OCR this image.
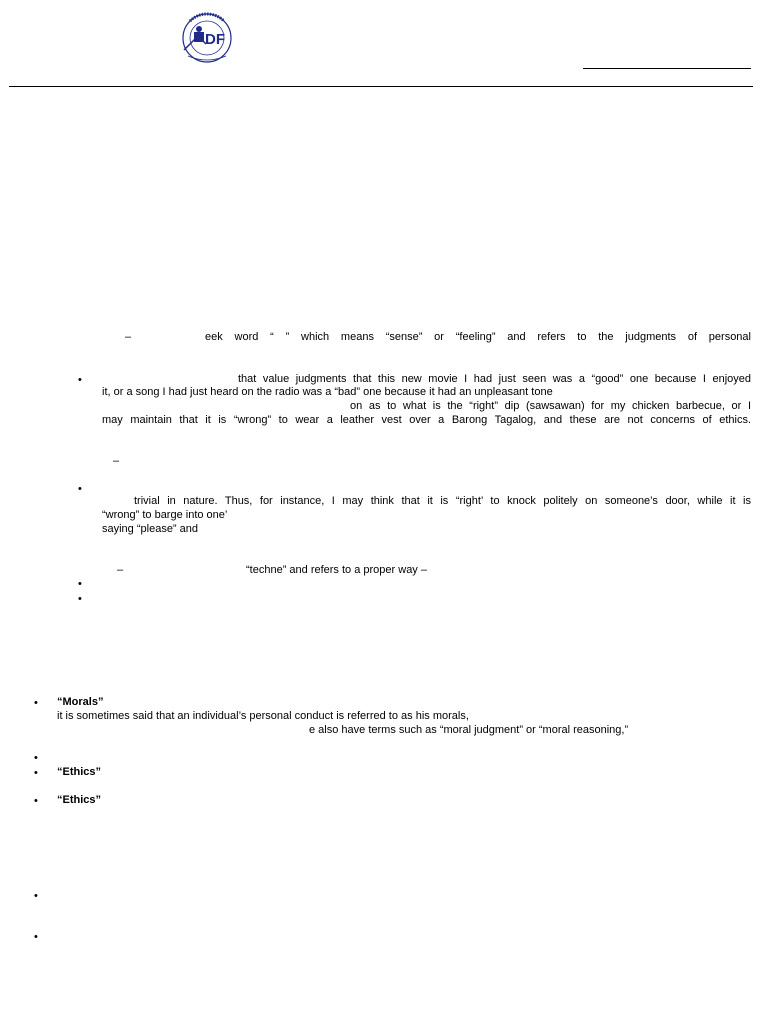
DF
–	eek word “ ” which means “sense” or “feeling” and refers to the judgments of personal
•	that value judgments that this new movie I had just seen was a “good” one because I enjoyed
it, or a song I had just heard on the radio was a “bad” one because it had an unpleasant tone
on as to what is the “right” dip (sawsawan) for my chicken barbecue, or I
may maintain that it is “wrong” to wear a leather vest over a Barong Tagalog, and these are not concerns of ethics.
–
•
trivial in nature. Thus, for instance, I may think that it is “right’ to knock politely on someone’s door, while it is
“wrong” to barge into one’
saying “please” and
–	“techne” and refers to a proper way –
•
•
• “Morals”
it is sometimes said that an individual’s personal conduct is referred to as his morals,
e also have terms such as “moral judgment” or “moral reasoning,”
•
• “Ethics”
• “Ethics”
•
•
